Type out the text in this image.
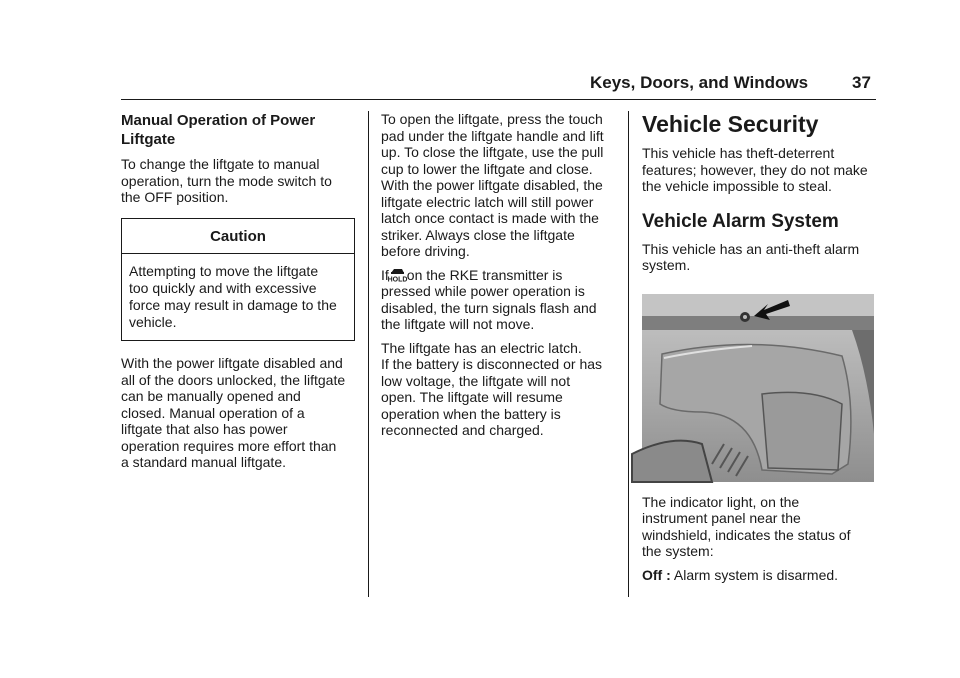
Keys, Doors, and Windows	37
Manual Operation of Power
Liftgate

To change the liftgate to manual
operation, turn the mode switch to
the OFF position.

Caution
Attempting to move the liftgate
too quickly and with excessive
force may result in damage to the
vehicle.

With the power liftgate disabled and
all of the doors unlocked, the liftgate
can be manually opened and
closed. Manual operation of a
liftgate that also has power
operation requires more effort than
a standard manual liftgate.

To open the liftgate, press the touch
pad under the liftgate handle and lift
up. To close the liftgate, use the pull
cup to lower the liftgate and close.
With the power liftgate disabled, the
liftgate electric latch will still power
latch once contact is made with the
striker. Always close the liftgate
before driving.

If
HOLD on the RKE transmitter is
pressed while power operation is
disabled, the turn signals flash and
the liftgate will not move.

The liftgate has an electric latch.
If the battery is disconnected or has
low voltage, the liftgate will not
open. The liftgate will resume
operation when the battery is
reconnected and charged.

Vehicle Security

This vehicle has theft-deterrent
features; however, they do not make
the vehicle impossible to steal.

Vehicle Alarm System

This vehicle has an anti-theft alarm
system.

The indicator light, on the
instrument panel near the
windshield, indicates the status of
the system:

Off : Alarm system is disarmed.
